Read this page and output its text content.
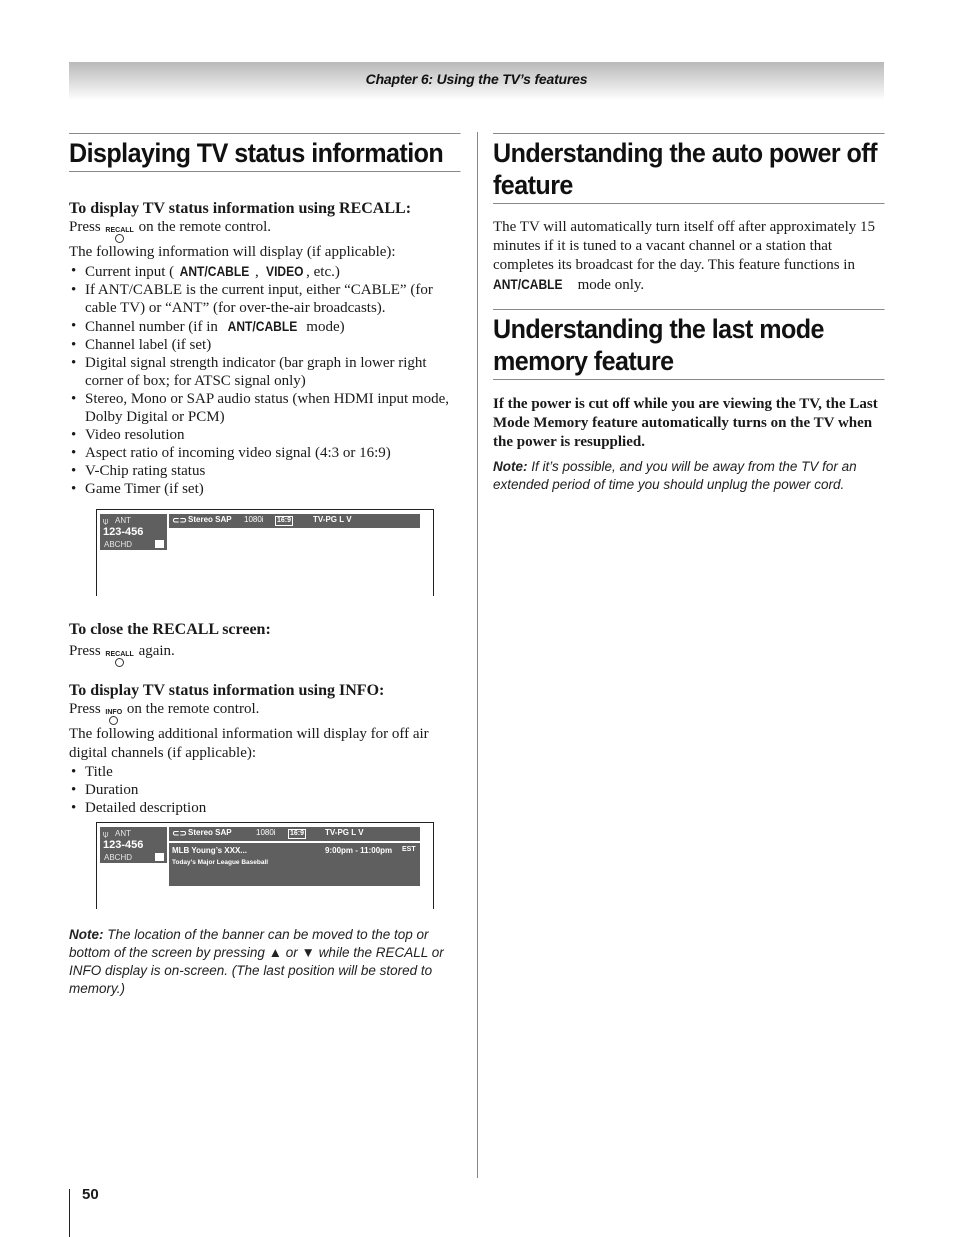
Chapter 6: Using the TV’s features
Displaying TV status information

To display TV status information using RECALL:

Press RECALL on the remote control.

The following information will display (if applicable):

• Current input ( ANT/CABLE , VIDEO , etc.)
• If ANT/CABLE is the current input, either “CABLE” (for cable TV) or “ANT” (for over-the-air broadcasts).
• Channel number (if in ANT/CABLE mode)
• Channel label (if set)
• Digital signal strength indicator (bar graph in lower right corner of box; for ATSC signal only)
• Stereo, Mono or SAP audio status (when HDMI input mode, Dolby Digital or PCM)
• Video resolution
• Aspect ratio of incoming video signal (4:3 or 16:9)
• V-Chip rating status
• Game Timer (if set)
⍦ ANT
123-456
ABCHD
⊂⊃ Stereo SAP 1080i 16:9	TV-PG L V

To close the RECALL screen:

Press RECALL again.

To display TV status information using INFO:

Press INFO on the remote control.

The following additional information will display for off air digital channels (if applicable):

• Title
• Duration
• Detailed description
⍦ ANT
123-456
ABCHD
⊂⊃ Stereo SAP	1080i 16:9	TV-PG L V
MLB Young’s XXX...	9:00pm - 11:00pm EST
Today’s Major League Baseball

Note: The location of the banner can be moved to the top or bottom of the screen by pressing ▲ or ▼ while the RECALL or INFO display is on-screen. (The last position will be stored to memory.)

Understanding the auto power off feature

The TV will automatically turn itself off after approximately 15 minutes if it is tuned to a vacant channel or a station that completes its broadcast for the day. This feature functions in ANT/CABLE mode only.

Understanding the last mode memory feature

If the power is cut off while you are viewing the TV, the Last Mode Memory feature automatically turns on the TV when the power is resupplied.

Note: If it’s possible, and you will be away from the TV for an extended period of time you should unplug the power cord.

50
